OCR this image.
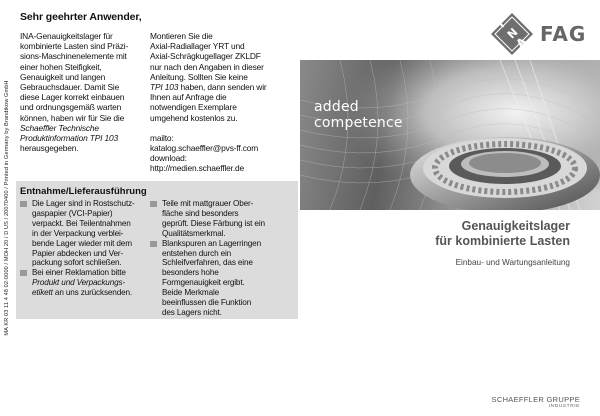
MA KR 03 11 4 48 02-0000 / MOH 20 / D US / 20070400 / Printed in Germany by Brandtkow GmbH
Sehr geehrter Anwender,
INA-Genauigkeitslager für
kombinierte Lasten sind Präzi-
sions-Maschinenelemente mit
einer hohen Steifigkeit,
Genauigkeit und langen
Gebrauchsdauer. Damit Sie
diese Lager korrekt einbauen
und ordnungsgemäß warten
können, haben wir für Sie die
Schaeffler Technische
Produktinformation TPI 103
herausgegeben.
Montieren Sie die
Axial-Radiallager YRT und
Axial-Schrägkugellager ZKLDF
nur nach den Angaben in dieser
Anleitung. Sollten Sie keine
TPI 103 haben, dann senden wir
Ihnen auf Anfrage die
notwendigen Exemplare
umgehend kostenlos zu.
mailto:
katalog.schaeffler@pvs-ff.com
download:
http://medien.schaeffler.de
Entnahme/Lieferausführung
Die Lager sind in Rostschutz-
gaspapier (VCI-Papier)
verpackt. Bei Teilentnahmen
in der Verpackung verblei-
bende Lager wieder mit dem
Papier abdecken und Ver-
packung sofort schließen.
Bei einer Reklamation bitte
Produkt und Verpackungs-
etikett an uns zurücksenden.
Teile mit mattgrauer Ober-
fläche sind besonders
geprüft. Diese Färbung ist ein
Qualitätsmerkmal.
Blankspuren an Lagerringen
entstehen durch ein
Schleifverfahren, das eine
besonders hohe
Formgenauigkeit ergibt.
Beide Merkmale
beeinflussen die Funktion
des Lagers nicht.
I
N
A FAG
added
competence
Genauigkeitslager
für kombinierte Lasten
Einbau- und Wartungsanleitung
SCHAEFFLER GRUPPE
INDUSTRIE
